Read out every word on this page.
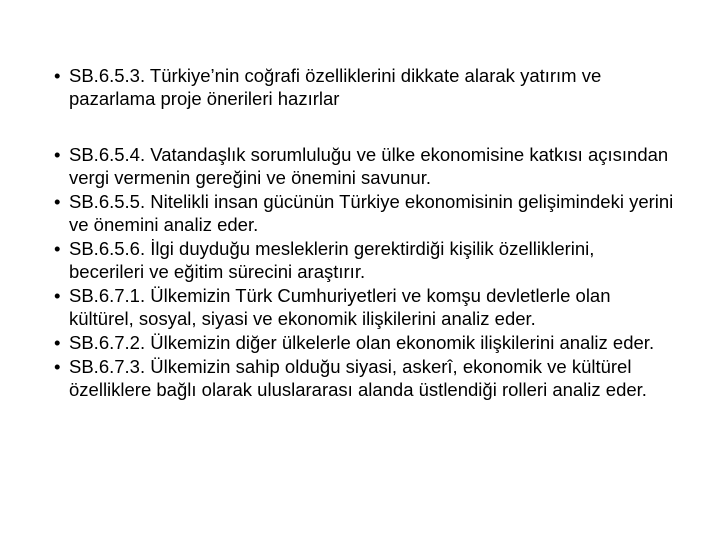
• SB.6.5.3. Türkiye’nin coğrafi özelliklerini dikkate alarak yatırım ve pazarlama proje önerileri hazırlar
• SB.6.5.4. Vatandaşlık sorumluluğu ve ülke ekonomisine katkısı açısından vergi vermenin gereğini ve önemini savunur.
• SB.6.5.5. Nitelikli insan gücünün Türkiye ekonomisinin gelişimindeki yerini ve önemini analiz eder.
• SB.6.5.6. İlgi duyduğu mesleklerin gerektirdiği kişilik özelliklerini, becerileri ve eğitim sürecini araştırır.
• SB.6.7.1. Ülkemizin Türk Cumhuriyetleri ve komşu devletlerle olan kültürel, sosyal, siyasi ve ekonomik ilişkilerini analiz eder.
• SB.6.7.2. Ülkemizin diğer ülkelerle olan ekonomik ilişkilerini analiz eder.
• SB.6.7.3. Ülkemizin sahip olduğu siyasi, askerî, ekonomik ve kültürel özelliklere bağlı olarak uluslararası alanda üstlendiği rolleri analiz eder.
